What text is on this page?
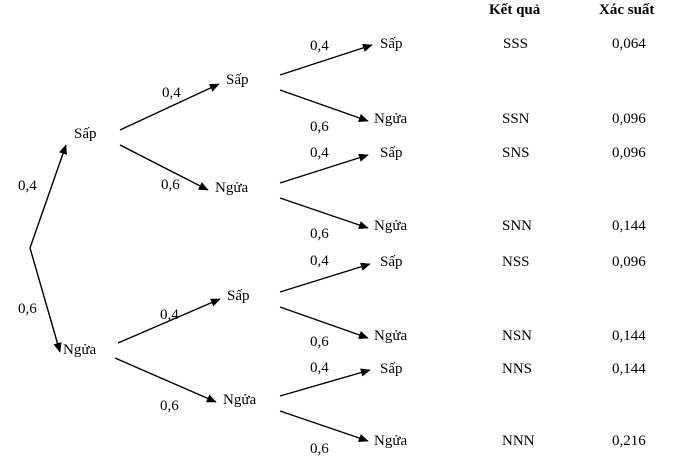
Kết quả	Xác suất
0,4
0,6
Sấp
Ngửa
0,4
0,6
0,4
0,6
Sấp
Ngửa
Sấp
Ngửa
0,4
0,6
0,4
0,6
0,4
0,6
0,4
0,6
Sấp
Ngửa
Sấp
Ngửa
Sấp
Ngửa
Sấp
Ngửa
SSS
SSN
SNS
SNN
NSS
NSN
NNS
NNN
0,064
0,096
0,096
0,144
0,096
0,144
0,144
0,216
